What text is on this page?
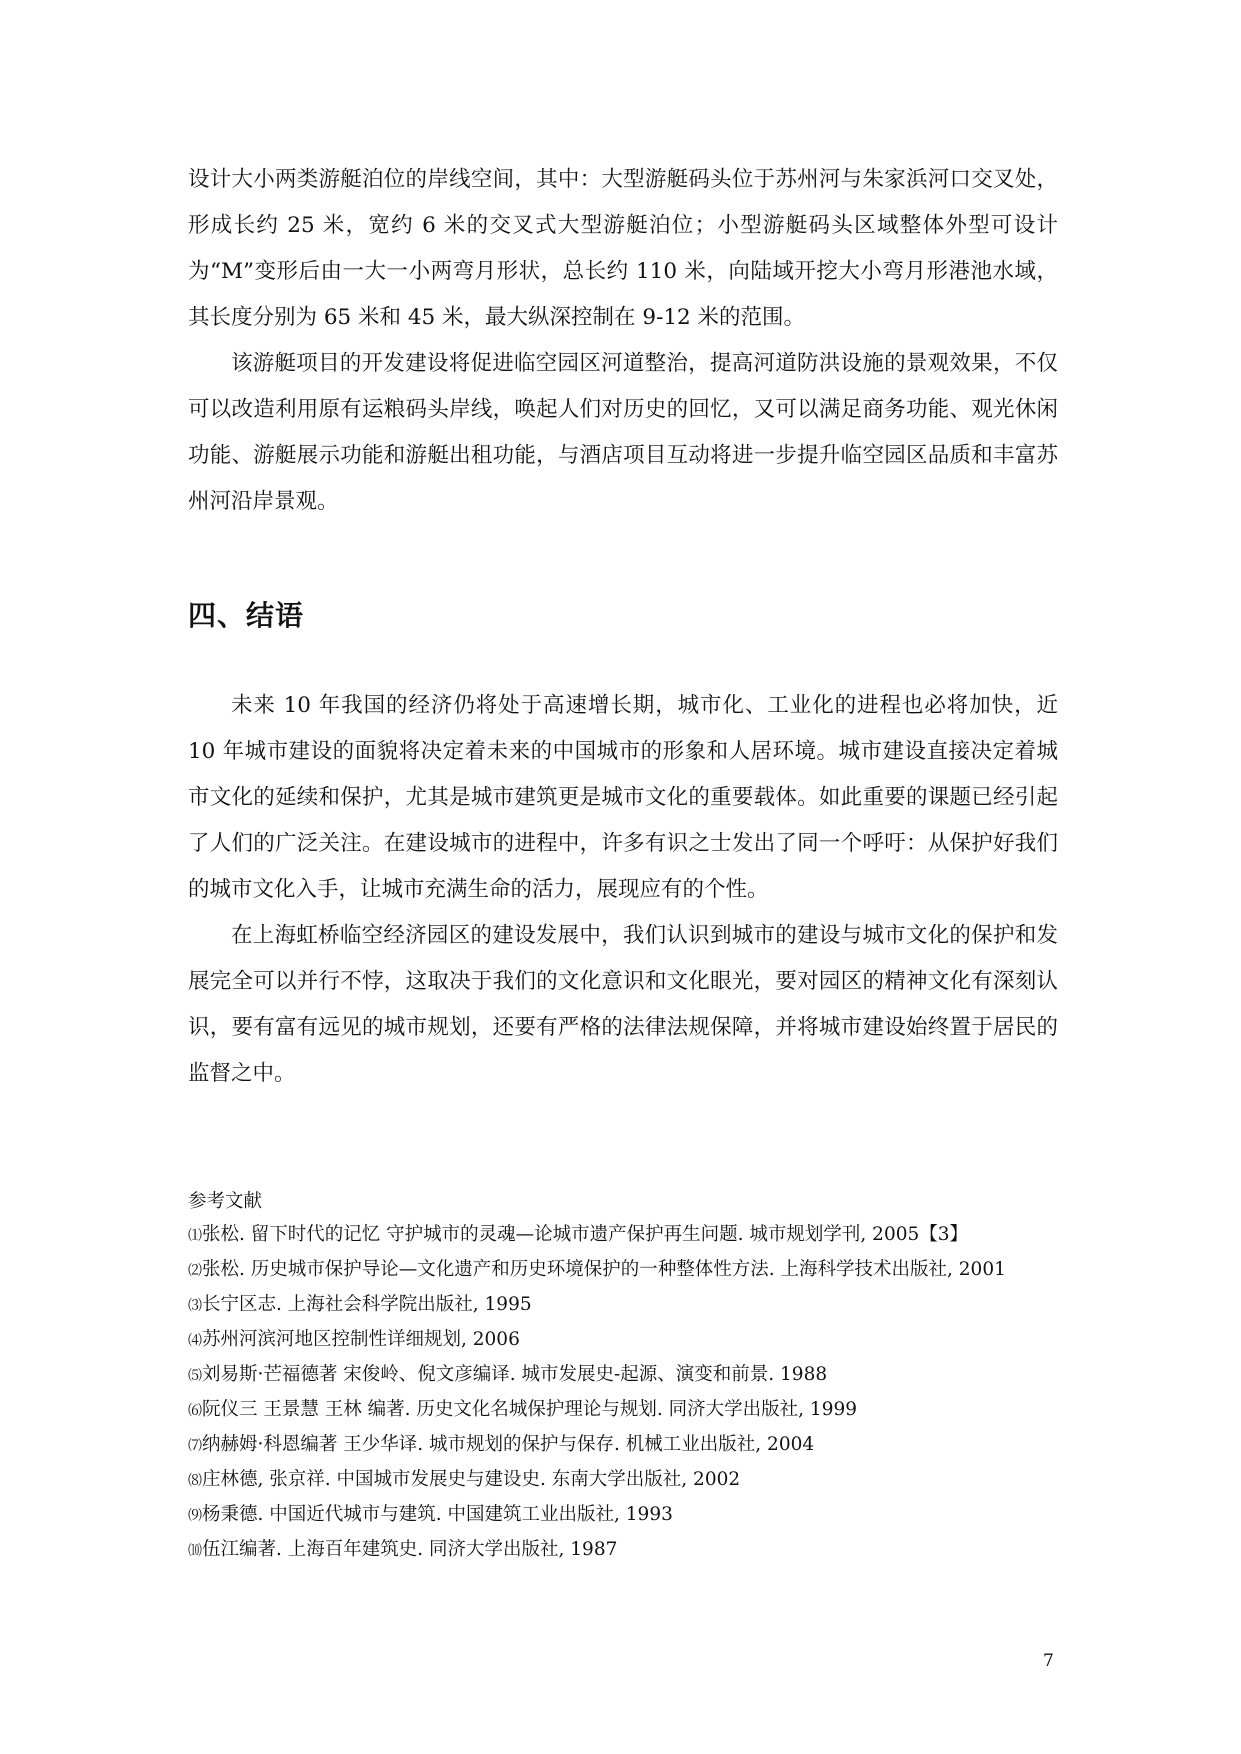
设计大小两类游艇泊位的岸线空间，其中：大型游艇码头位于苏州河与朱家浜河口交叉处，形成长约 25 米，宽约 6 米的交叉式大型游艇泊位；小型游艇码头区域整体外型可设计为“M”变形后由一大一小两弯月形状，总长约 110 米，向陆域开挖大小弯月形港池水域，其长度分别为 65 米和 45 米，最大纵深控制在 9-12 米的范围。

该游艇项目的开发建设将促进临空园区河道整治，提高河道防洪设施的景观效果，不仅可以改造利用原有运粮码头岸线，唤起人们对历史的回忆，又可以满足商务功能、观光休闲功能、游艇展示功能和游艇出租功能，与酒店项目互动将进一步提升临空园区品质和丰富苏州河沿岸景观。

四、结语

未来 10 年我国的经济仍将处于高速增长期，城市化、工业化的进程也必将加快，近 10 年城市建设的面貌将决定着未来的中国城市的形象和人居环境。城市建设直接决定着城市文化的延续和保护，尤其是城市建筑更是城市文化的重要载体。如此重要的课题已经引起了人们的广泛关注。在建设城市的进程中，许多有识之士发出了同一个呼吁：从保护好我们的城市文化入手，让城市充满生命的活力，展现应有的个性。

在上海虹桥临空经济园区的建设发展中，我们认识到城市的建设与城市文化的保护和发展完全可以并行不悖，这取决于我们的文化意识和文化眼光，要对园区的精神文化有深刻认识，要有富有远见的城市规划，还要有严格的法律法规保障，并将城市建设始终置于居民的监督之中。

参考文献

⑴张松. 留下时代的记忆 守护城市的灵魂—论城市遗产保护再生问题. 城市规划学刊, 2005【3】
⑵张松. 历史城市保护导论—文化遗产和历史环境保护的一种整体性方法. 上海科学技术出版社, 2001
⑶长宁区志. 上海社会科学院出版社, 1995
⑷苏州河滨河地区控制性详细规划, 2006
⑸刘易斯·芒福德著 宋俊岭、倪文彦编译. 城市发展史-起源、演变和前景. 1988
⑹阮仪三 王景慧 王林 编著. 历史文化名城保护理论与规划. 同济大学出版社, 1999
⑺纳赫姆·科恩编著 王少华译. 城市规划的保护与保存. 机械工业出版社, 2004
⑻庄林德, 张京祥. 中国城市发展史与建设史. 东南大学出版社, 2002
⑼杨秉德. 中国近代城市与建筑. 中国建筑工业出版社, 1993
⑽伍江编著. 上海百年建筑史. 同济大学出版社, 1987
7
